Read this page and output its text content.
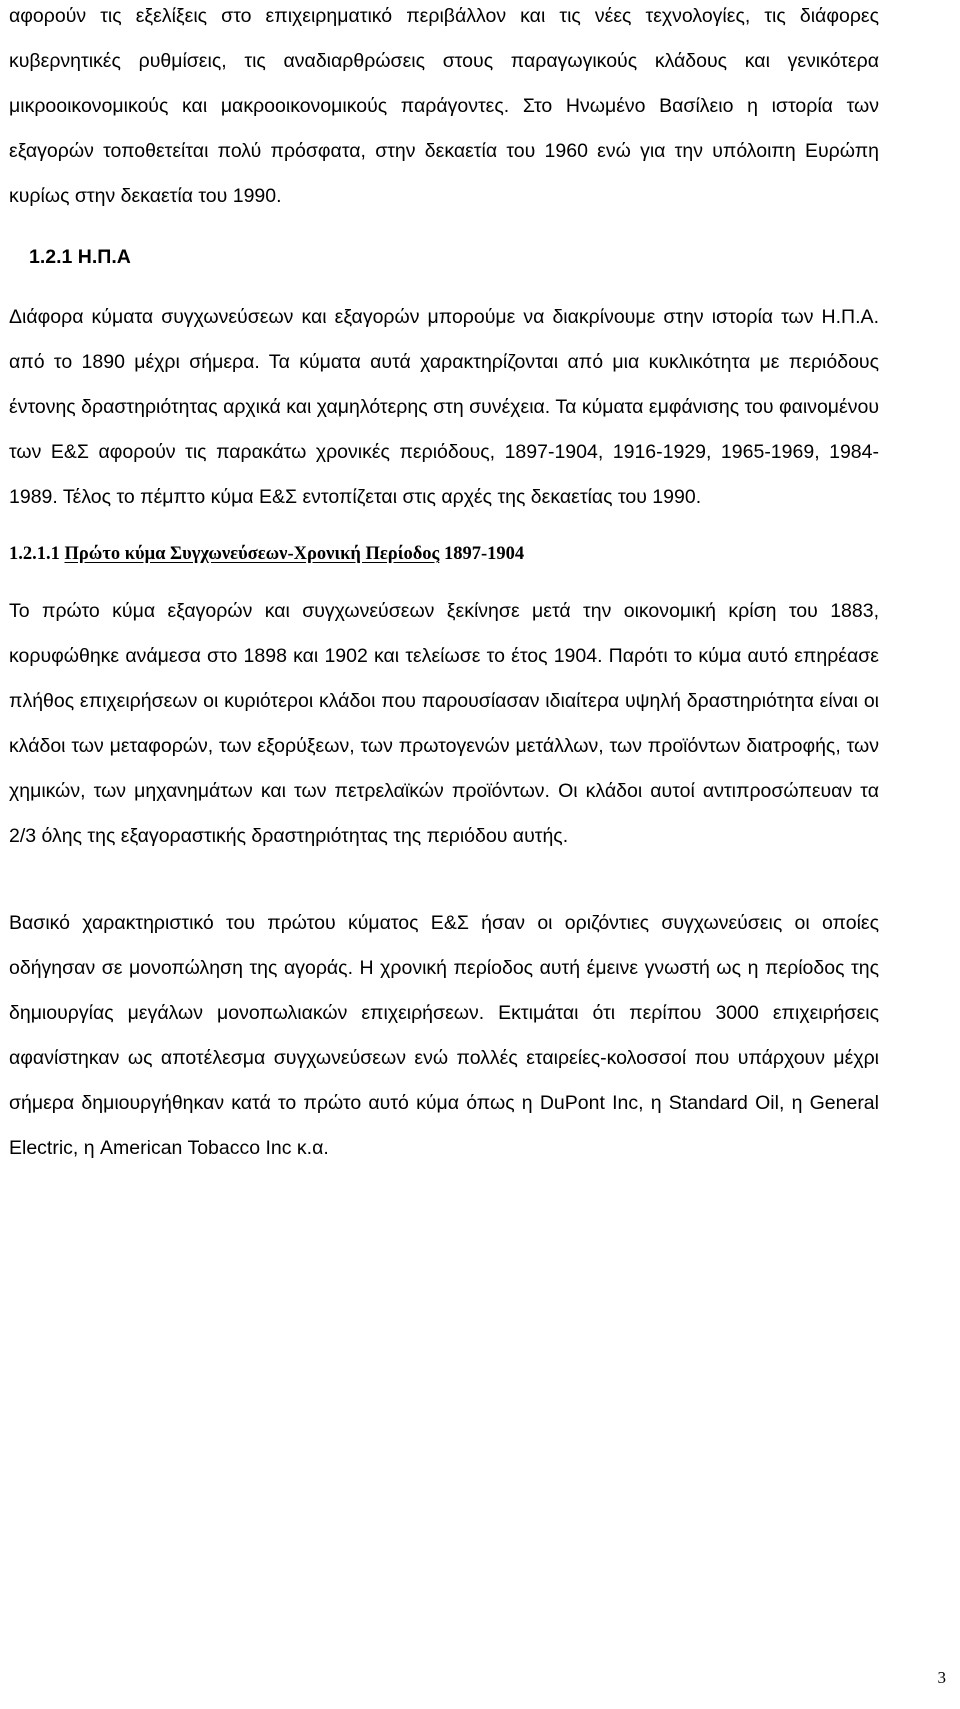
αφορούν τις εξελίξεις στο επιχειρηματικό περιβάλλον και τις νέες τεχνολογίες, τις διάφορες κυβερνητικές ρυθμίσεις, τις αναδιαρθρώσεις στους παραγωγικούς κλάδους και γενικότερα μικροοικονομικούς και μακροοικονομικούς παράγοντες. Στο Ηνωμένο Βασίλειο η ιστορία των εξαγορών τοποθετείται πολύ πρόσφατα, στην δεκαετία του 1960 ενώ για την υπόλοιπη Ευρώπη κυρίως στην δεκαετία του 1990.

1.2.1 Η.Π.Α

Διάφορα κύματα συγχωνεύσεων και εξαγορών μπορούμε να διακρίνουμε στην ιστορία των Η.Π.Α. από το 1890 μέχρι σήμερα. Τα κύματα αυτά χαρακτηρίζονται από μια κυκλικότητα με περιόδους έντονης δραστηριότητας αρχικά και χαμηλότερης στη συνέχεια. Τα κύματα εμφάνισης του φαινομένου των Ε&Σ αφορούν τις παρακάτω χρονικές περιόδους, 1897-1904, 1916-1929, 1965-1969, 1984-1989. Τέλος το πέμπτο κύμα Ε&Σ εντοπίζεται στις αρχές της δεκαετίας του 1990.

1.2.1.1 Πρώτο κύμα Συγχωνεύσεων-Χρονική Περίοδος 1897-1904

Το πρώτο κύμα εξαγορών και συγχωνεύσεων ξεκίνησε μετά την οικονομική κρίση του 1883, κορυφώθηκε ανάμεσα στο 1898 και 1902 και τελείωσε το έτος 1904. Παρότι το κύμα αυτό επηρέασε πλήθος επιχειρήσεων οι κυριότεροι κλάδοι που παρουσίασαν ιδιαίτερα υψηλή δραστηριότητα είναι οι κλάδοι των μεταφορών, των εξορύξεων, των πρωτογενών μετάλλων, των προϊόντων διατροφής, των χημικών, των μηχανημάτων και των πετρελαϊκών προϊόντων. Οι κλάδοι αυτοί αντιπροσώπευαν τα 2/3 όλης της εξαγοραστικής δραστηριότητας της περιόδου αυτής.

Βασικό χαρακτηριστικό του πρώτου κύματος Ε&Σ ήσαν οι οριζόντιες συγχωνεύσεις οι οποίες οδήγησαν σε μονοπώληση της αγοράς. Η χρονική περίοδος αυτή έμεινε γνωστή ως η περίοδος της δημιουργίας μεγάλων μονοπωλιακών επιχειρήσεων. Εκτιμάται ότι περίπου 3000 επιχειρήσεις αφανίστηκαν ως αποτέλεσμα συγχωνεύσεων ενώ πολλές εταιρείες-κολοσσοί που υπάρχουν μέχρι σήμερα δημιουργήθηκαν κατά το πρώτο αυτό κύμα όπως η DuPont Inc, η Standard Oil, η General Electric, η American Tobacco Inc κ.α.

3
